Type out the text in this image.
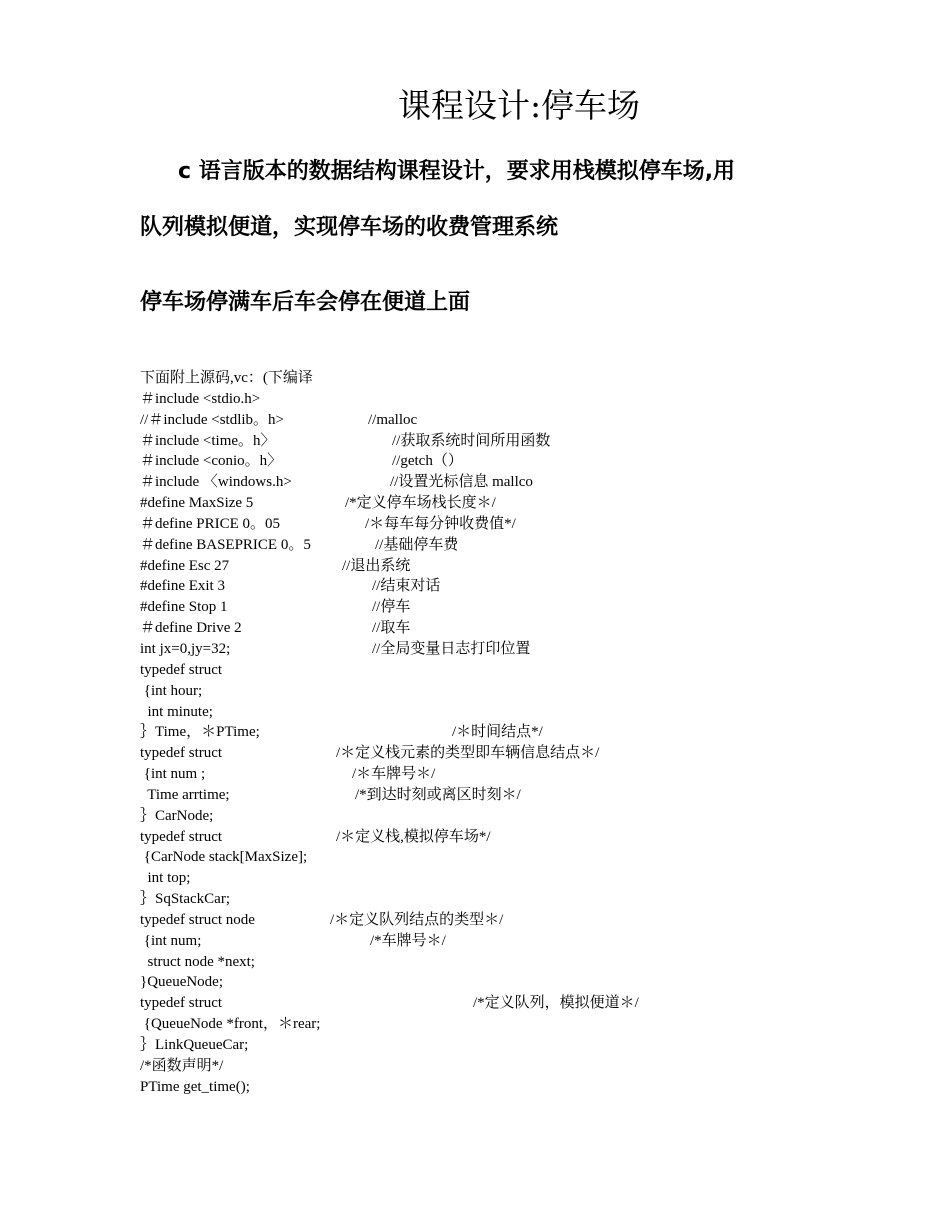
课程设计:停车场
c 语言版本的数据结构课程设计，要求用栈模拟停车场,用
队列模拟便道，实现停车场的收费管理系统
停车场停满车后车会停在便道上面
下面附上源码,vc：(下编译
＃include <stdio.h>
//＃include <stdlib。h>	//malloc
＃include <time。h〉	//获取系统时间所用函数
＃include <conio。h〉	//getch（）
＃include 〈windows.h>	//设置光标信息 mallco
#define MaxSize 5	/*定义停车场栈长度＊/
＃define PRICE 0。05	/＊每车每分钟收费值*/
＃define BASEPRICE 0。5	//基础停车费
#define Esc 27	//退出系统
#define Exit 3	//结束对话
#define Stop 1	//停车
＃define Drive 2	//取车
int jx=0,jy=32;	//全局变量日志打印位置
typedef struct
{int hour;
int minute;
｝Time，＊PTime;	/＊时间结点*/
typedef struct	/＊定义栈元素的类型即车辆信息结点＊/
{int num ;	/＊车牌号＊/
Time arrtime;	/*到达时刻或离区时刻＊/
｝CarNode;
typedef struct	/＊定义栈,模拟停车场*/
{CarNode stack[MaxSize];
int top;
｝SqStackCar;
typedef struct node	/＊定义队列结点的类型＊/
{int num;	/*车牌号＊/
struct node *next;
}QueueNode;
typedef struct	/*定义队列，模拟便道＊/
{QueueNode *front，＊rear;
｝LinkQueueCar;
/*函数声明*/
PTime get_time();
